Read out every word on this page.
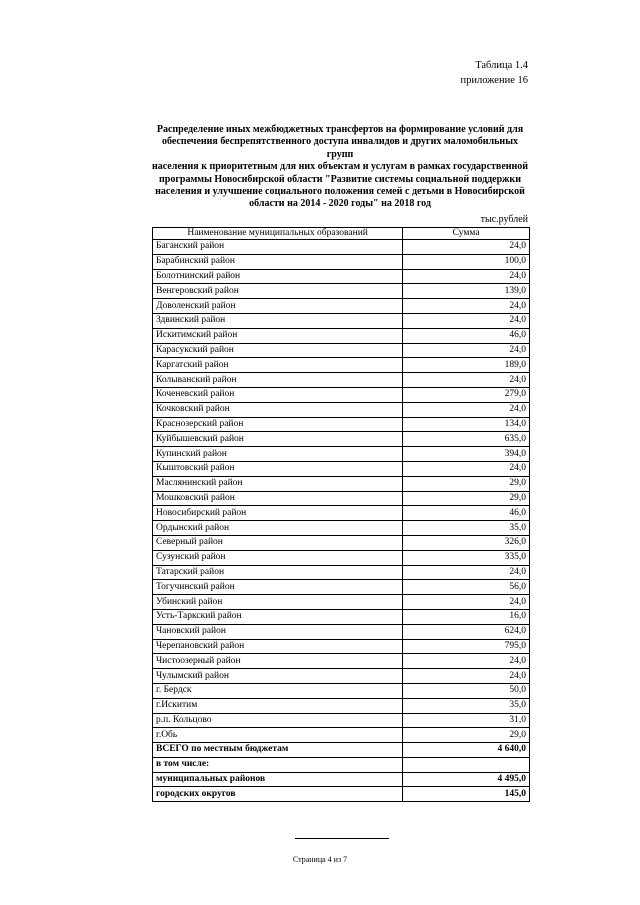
Таблица 1.4
приложение 16
Распределение иных межбюджетных трансфертов на формирование условий для
обеспечения беспрепятственного доступа инвалидов и других маломобильных групп
населения к приоритетным для них объектам и услугам в рамках государственной
программы Новосибирской области "Развитие системы социальной поддержки
населения и улучшение социального положения семей с детьми в Новосибирской
области на 2014 - 2020 годы" на 2018 год
тыс.рублей
Наименование муниципальных образований	Сумма
Баганский район	24,0
Барабинский район	100,0
Болотнинский район	24,0
Венгеровский район	139,0
Доволенский район	24,0
Здвинский район	24,0
Искитимский район	46,0
Карасукский район	24,0
Каргатский район	189,0
Колыванский район	24,0
Коченевский район	279,0
Кочковский район	24,0
Краснозерский район	134,0
Куйбышевский район	635,0
Купинский район	394,0
Кыштовский район	24,0
Маслянинский район	29,0
Мошковский район	29,0
Новосибирский район	46,0
Ордынский район	35,0
Северный район	326,0
Сузунский район	335,0
Татарский район	24,0
Тогучинский район	56,0
Убинский район	24,0
Усть-Таркский район	16,0
Чановский район	624,0
Черепановский район	795,0
Чистоозерный район	24,0
Чулымский район	24,0
г. Бердск	50,0
г.Искитим	35,0
р.п. Кольцово	31,0
г.Обь	29,0
ВСЕГО по местным бюджетам	4 640,0
в том числе:	
муниципальных районов	4 495,0
городских округов	145,0
Страница 4 из 7
